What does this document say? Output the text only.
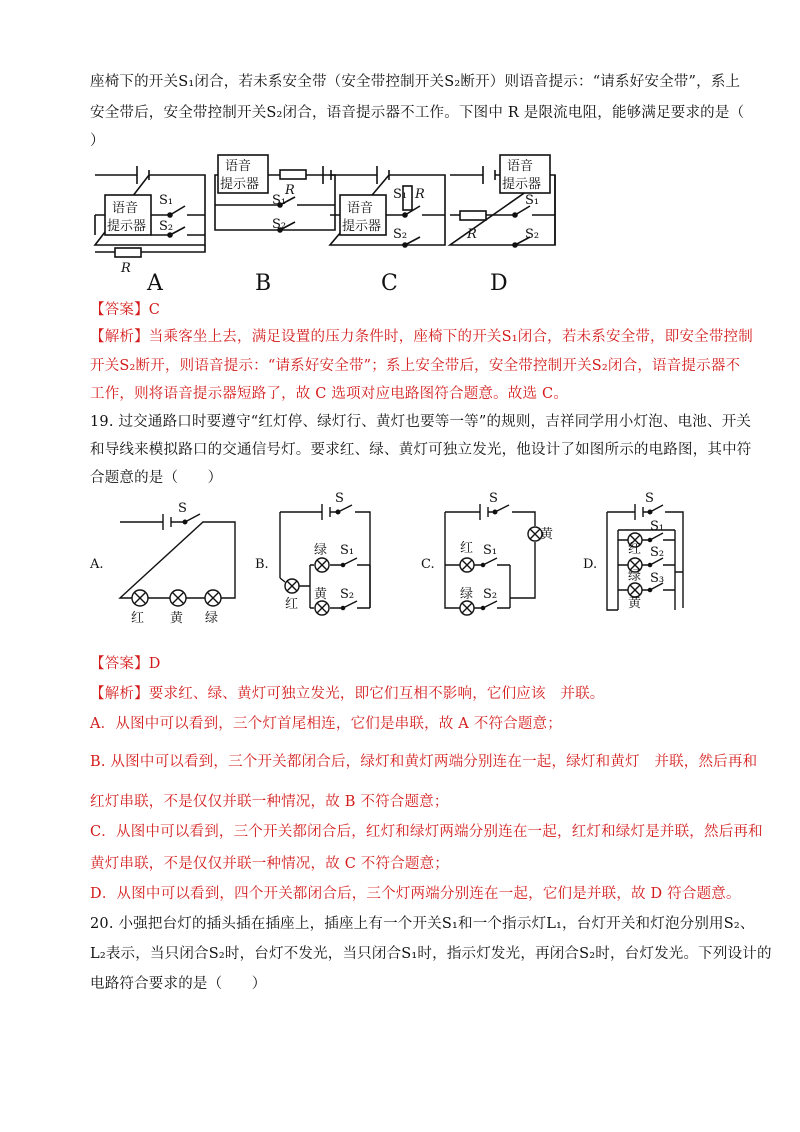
座椅下的开关S₁闭合，若未系安全带（安全带控制开关S₂断开）则语音提示：“请系好安全带”，系上
安全带后，安全带控制开关S₂闭合，语音提示器不工作。下图中 R 是限流电阻，能够满足要求的是（
）
语音
提示器
S₁
S₂
R
A
语音
提示器
S₁
S₂
R
B
语音
提示器
S₁ R
S₂
C
语音
提示器
S₁
R	S₂
D
【答案】C
【解析】当乘客坐上去，满足设置的压力条件时，座椅下的开关S₁闭合，若未系安全带，即安全带控制
开关S₂断开，则语音提示：“请系好安全带”；系上安全带后，安全带控制开关S₂闭合，语音提示器不
工作，则将语音提示器短路了，故 C 选项对应电路图符合题意。故选 C。
19. 过交通路口时要遵守“红灯停、绿灯行、黄灯也要等一等”的规则，吉祥同学用小灯泡、电池、开关
和导线来模拟路口的交通信号灯。要求红、绿、黄灯可独立发光，他设计了如图所示的电路图，其中符
合题意的是（　　）
A.
S
红 黄 绿
B.
S
绿 S₁
黄 S₂
红
C.
S
黄
红 S₁
绿 S₂
D.
S
S₁
红 S₂
绿 S₃
黄
【答案】D
【解析】要求红、绿、黄灯可独立发光，即它们互相不影响，它们应该　并联。
A．从图中可以看到，三个灯首尾相连，它们是串联，故 A 不符合题意；
B. 从图中可以看到，三个开关都闭合后，绿灯和黄灯两端分别连在一起，绿灯和黄灯　并联，然后再和
红灯串联，不是仅仅并联一种情况，故 B 不符合题意；
C．从图中可以看到，三个开关都闭合后，红灯和绿灯两端分别连在一起，红灯和绿灯是并联，然后再和
黄灯串联，不是仅仅并联一种情况，故 C 不符合题意；
D．从图中可以看到，四个开关都闭合后，三个灯两端分别连在一起，它们是并联，故 D 符合题意。
20. 小强把台灯的插头插在插座上，插座上有一个开关S₁和一个指示灯L₁，台灯开关和灯泡分别用S₂、
L₂表示，当只闭合S₂时，台灯不发光，当只闭合S₁时，指示灯发光，再闭合S₂时，台灯发光。下列设计的
电路符合要求的是（　　）
